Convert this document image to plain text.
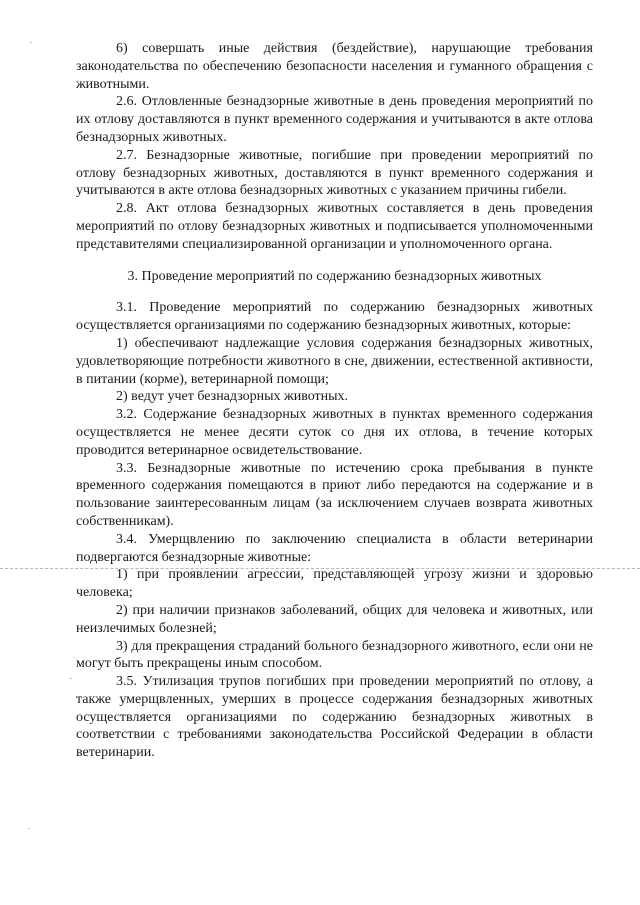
6) совершать иные действия (бездействие), нарушающие требования законодательства по обеспечению безопасности населения и гуманного обращения с животными.

2.6. Отловленные безнадзорные животные в день проведения мероприятий по их отлову доставляются в пункт временного содержания и учитываются в акте отлова безнадзорных животных.

2.7. Безнадзорные животные, погибшие при проведении мероприятий по отлову безнадзорных животных, доставляются в пункт временного содержания и учитываются в акте отлова безнадзорных животных с указанием причины гибели.

2.8. Акт отлова безнадзорных животных составляется в день проведения мероприятий по отлову безнадзорных животных и подписывается уполномоченными представителями специализированной организации и уполномоченного органа.

3. Проведение мероприятий по содержанию безнадзорных животных

3.1. Проведение мероприятий по содержанию безнадзорных животных осуществляется организациями по содержанию безнадзорных животных, которые:

1) обеспечивают надлежащие условия содержания безнадзорных животных, удовлетворяющие потребности животного в сне, движении, естественной активности, в питании (корме), ветеринарной помощи;

2) ведут учет безнадзорных животных.

3.2. Содержание безнадзорных животных в пунктах временного содержания осуществляется не менее десяти суток со дня их отлова, в течение которых проводится ветеринарное освидетельствование.

3.3. Безнадзорные животные по истечению срока пребывания в пункте временного содержания помещаются в приют либо передаются на содержание и в пользование заинтересованным лицам (за исключением случаев возврата животных собственникам).

3.4. Умерщвлению по заключению специалиста в области ветеринарии подвергаются безнадзорные животные:

1) при проявлении агрессии, представляющей угрозу жизни и здоровью человека;

2) при наличии признаков заболеваний, общих для человека и животных, или неизлечимых болезней;

3) для прекращения страданий больного безнадзорного животного, если они не могут быть прекращены иным способом.

3.5. Утилизация трупов погибших при проведении мероприятий по отлову, а также умерщвленных, умерших в процессе содержания безнадзорных животных осуществляется организациями по содержанию безнадзорных животных в соответствии с требованиями законодательства Российской Федерации в области ветеринарии.
